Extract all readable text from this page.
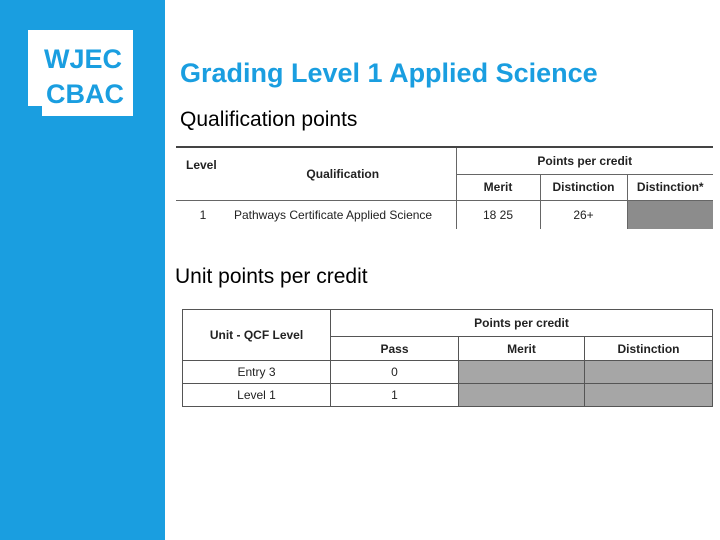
WJEC
CBAC
Grading Level 1 Applied Science
Qualification points
Level	Qualification	Points per credit		
		Merit	Distinction	Distinction*
1	Pathways Certificate Applied Science	18 25	26+	
Unit points per credit
Unit - QCF Level	Points per credit		
	Pass	Merit	Distinction
Entry 3	0		
Level 1	1		
